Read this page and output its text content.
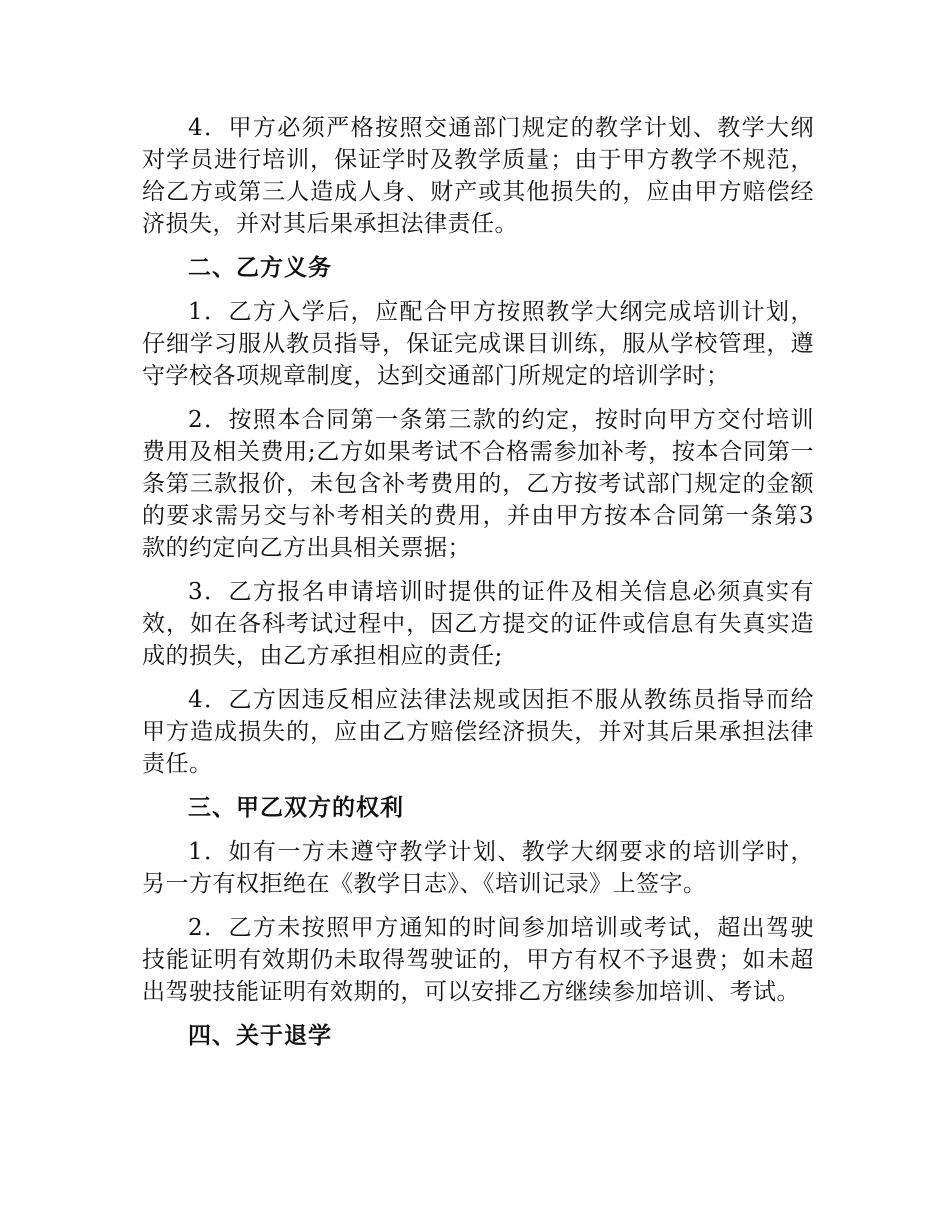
4．甲方必须严格按照交通部门规定的教学计划、教学大纲对学员进行培训，保证学时及教学质量；由于甲方教学不规范，给乙方或第三人造成人身、财产或其他损失的，应由甲方赔偿经济损失，并对其后果承担法律责任。

二、乙方义务

1．乙方入学后，应配合甲方按照教学大纲完成培训计划，仔细学习服从教员指导，保证完成课目训练，服从学校管理，遵守学校各项规章制度，达到交通部门所规定的培训学时；

2．按照本合同第一条第三款的约定，按时向甲方交付培训费用及相关费用;乙方如果考试不合格需参加补考，按本合同第一条第三款报价，未包含补考费用的，乙方按考试部门规定的金额的要求需另交与补考相关的费用，并由甲方按本合同第一条第3款的约定向乙方出具相关票据；

3．乙方报名申请培训时提供的证件及相关信息必须真实有效，如在各科考试过程中，因乙方提交的证件或信息有失真实造成的损失，由乙方承担相应的责任;

4．乙方因违反相应法律法规或因拒不服从教练员指导而给甲方造成损失的，应由乙方赔偿经济损失，并对其后果承担法律责任。

三、甲乙双方的权利

1．如有一方未遵守教学计划、教学大纲要求的培训学时，另一方有权拒绝在《教学日志》、《培训记录》上签字。

2．乙方未按照甲方通知的时间参加培训或考试，超出驾驶技能证明有效期仍未取得驾驶证的，甲方有权不予退费；如未超出驾驶技能证明有效期的，可以安排乙方继续参加培训、考试。

四、关于退学
